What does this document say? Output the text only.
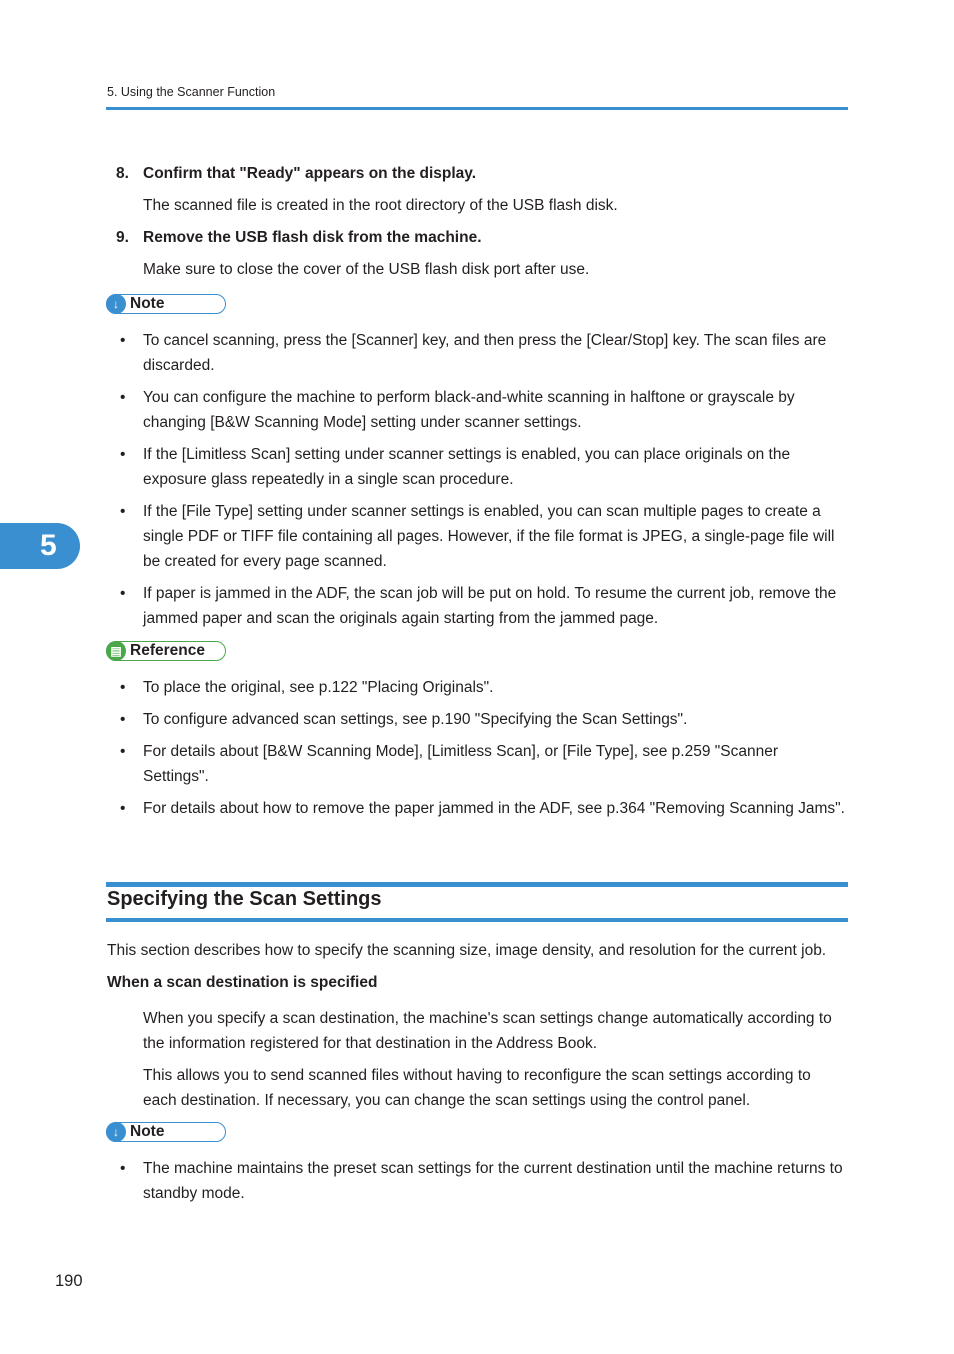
5. Using the Scanner Function
5
8. Confirm that "Ready" appears on the display.
The scanned file is created in the root directory of the USB flash disk.
9. Remove the USB flash disk from the machine.
Make sure to close the cover of the USB flash disk port after use.
↓ Note
•	To cancel scanning, press the [Scanner] key, and then press the [Clear/Stop] key. The scan files are discarded.
•	You can configure the machine to perform black-and-white scanning in halftone or grayscale by changing [B&W Scanning Mode] setting under scanner settings.
•	If the [Limitless Scan] setting under scanner settings is enabled, you can place originals on the exposure glass repeatedly in a single scan procedure.
•	If the [File Type] setting under scanner settings is enabled, you can scan multiple pages to create a single PDF or TIFF file containing all pages. However, if the file format is JPEG, a single-page file will be created for every page scanned.
•	If paper is jammed in the ADF, the scan job will be put on hold. To resume the current job, remove the jammed paper and scan the originals again starting from the jammed page.
▤ Reference
•	To place the original, see p.122 "Placing Originals".
•	To configure advanced scan settings, see p.190 "Specifying the Scan Settings".
•	For details about [B&W Scanning Mode], [Limitless Scan], or [File Type], see p.259 "Scanner Settings".
•	For details about how to remove the paper jammed in the ADF, see p.364 "Removing Scanning Jams".
Specifying the Scan Settings
This section describes how to specify the scanning size, image density, and resolution for the current job.
When a scan destination is specified
When you specify a scan destination, the machine's scan settings change automatically according to the information registered for that destination in the Address Book.
This allows you to send scanned files without having to reconfigure the scan settings according to each destination. If necessary, you can change the scan settings using the control panel.
↓ Note
•	The machine maintains the preset scan settings for the current destination until the machine returns to standby mode.
190
